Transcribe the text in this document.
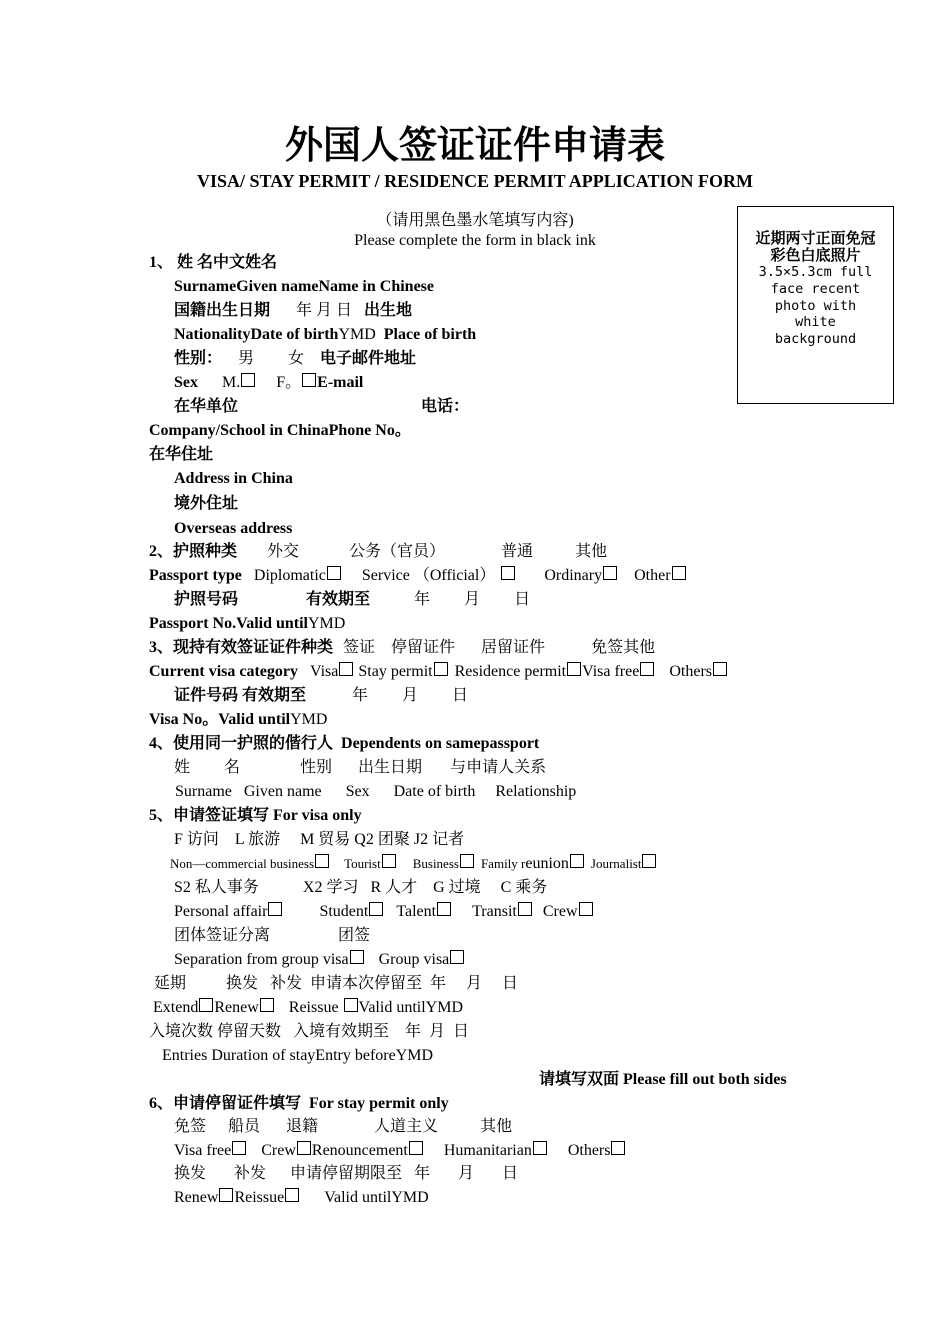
外国人签证证件申请表
VISA/ STAY PERMIT / RESIDENCE PERMIT APPLICATION FORM
（请用黑色墨水笔填写内容)
Please complete the form in black ink	近期两寸正面免冠彩色白底照片
3.5×5.3cm full
face recent
photo with
white
background
1、 姓 名中文姓名
SurnameGiven nameName in Chinese
国籍出生日期 年 月 日 出生地
NationalityDate of birthYMD Place of birth
性别： 男 女 电子邮件地址
Sex M. F。 E-mail
在华单位	电话：
Company/School in ChinaPhone No。
在华住址
Address in China
境外住址
Overseas address
2、护照种类 外交	公务（官员）	普通	其他
Passport type Diplomatic Service （Official）	Ordinary Other
护照号码	有效期至	年 月 日
Passport No.Valid untilYMD
3、现持有效签证证件种类 签证 停留证件 居留证件	免签其他
Current visa category Visa Stay permit Residence permit Visa free Others
证件号码 有效期至	年 月 日
Visa No。Valid untilYMD
4、使用同一护照的偕行人 Dependents on samepassport
姓 名	性别 出生日期 与申请人关系
Surname Given name Sex Date of birth Relationship
5、申请签证填写 For visa only
F 访问    L 旅游     M 贸易 Q2 团聚 J2 记者
Non—commercial business Tourist Business Family reunion Journalist
S2 私人事务           X2 学习   R 人才    G 过境     C 乘务
Personal affair	Student Talent Transit Crew
团体签证分离	团签
Separation from group visa Group visa
延期          换发   补发  申请本次停留至  年     月     日
Extend Renew Reissue Valid untilYMD
入境次数 停留天数   入境有效期至    年  月  日
Entries Duration of stayEntry beforeYMD
请填写双面 Please fill out both sides
6、申请停留证件填写 For stay permit only
免签 船员 退籍	人道主义	其他
Visa free Crew Renouncement Humanitarian Others
换发       补发      申请停留期限至   年       月       日
Renew Reissue	Valid untilYMD
